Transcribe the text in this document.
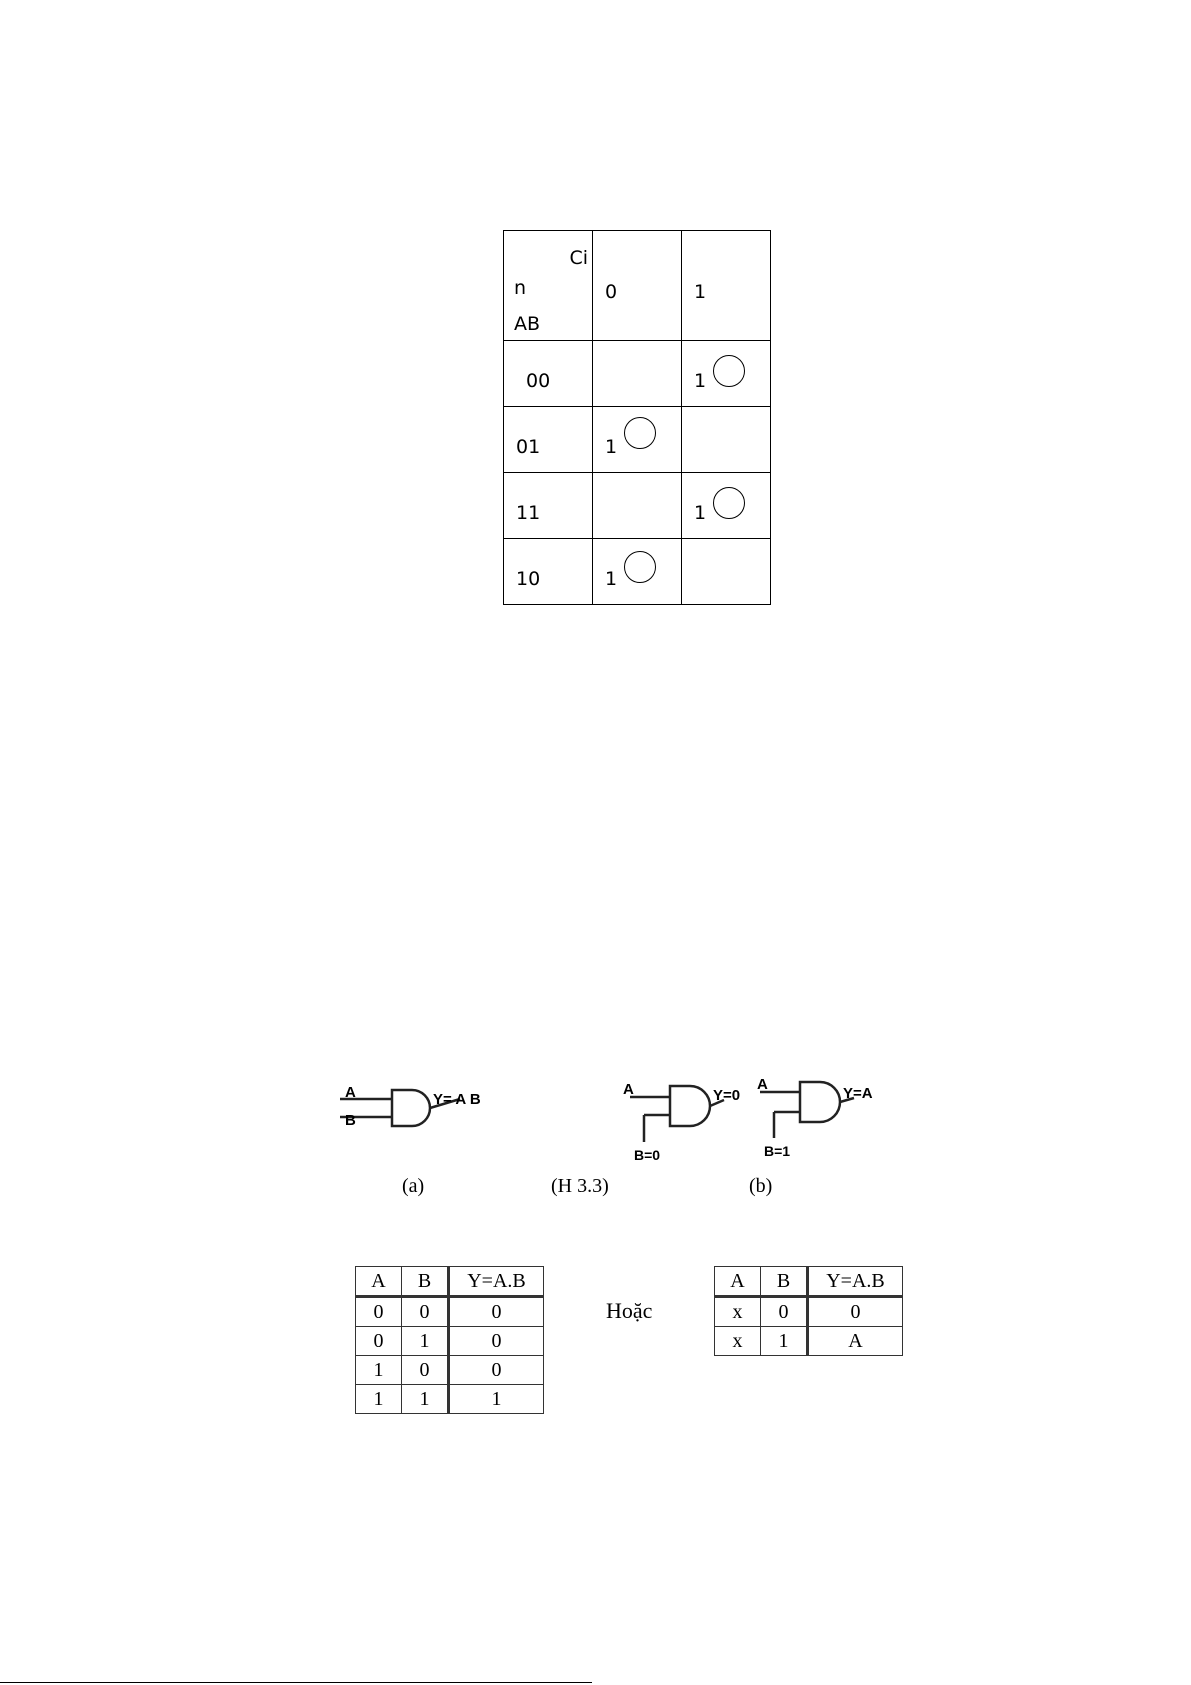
Ci
n
AB	0	1

00		1

01	1	

11		1

10	1	

A
B
Y= A B
A
B=0
Y=0
A
B=1
Y=A
(a)	(H 3.3)	(b)
A	B	Y=A.B
0	0	0
0	1	0
1	0	0
1	1	1
Hoặc
A	B	Y=A.B
x	0	0
x	1	A
